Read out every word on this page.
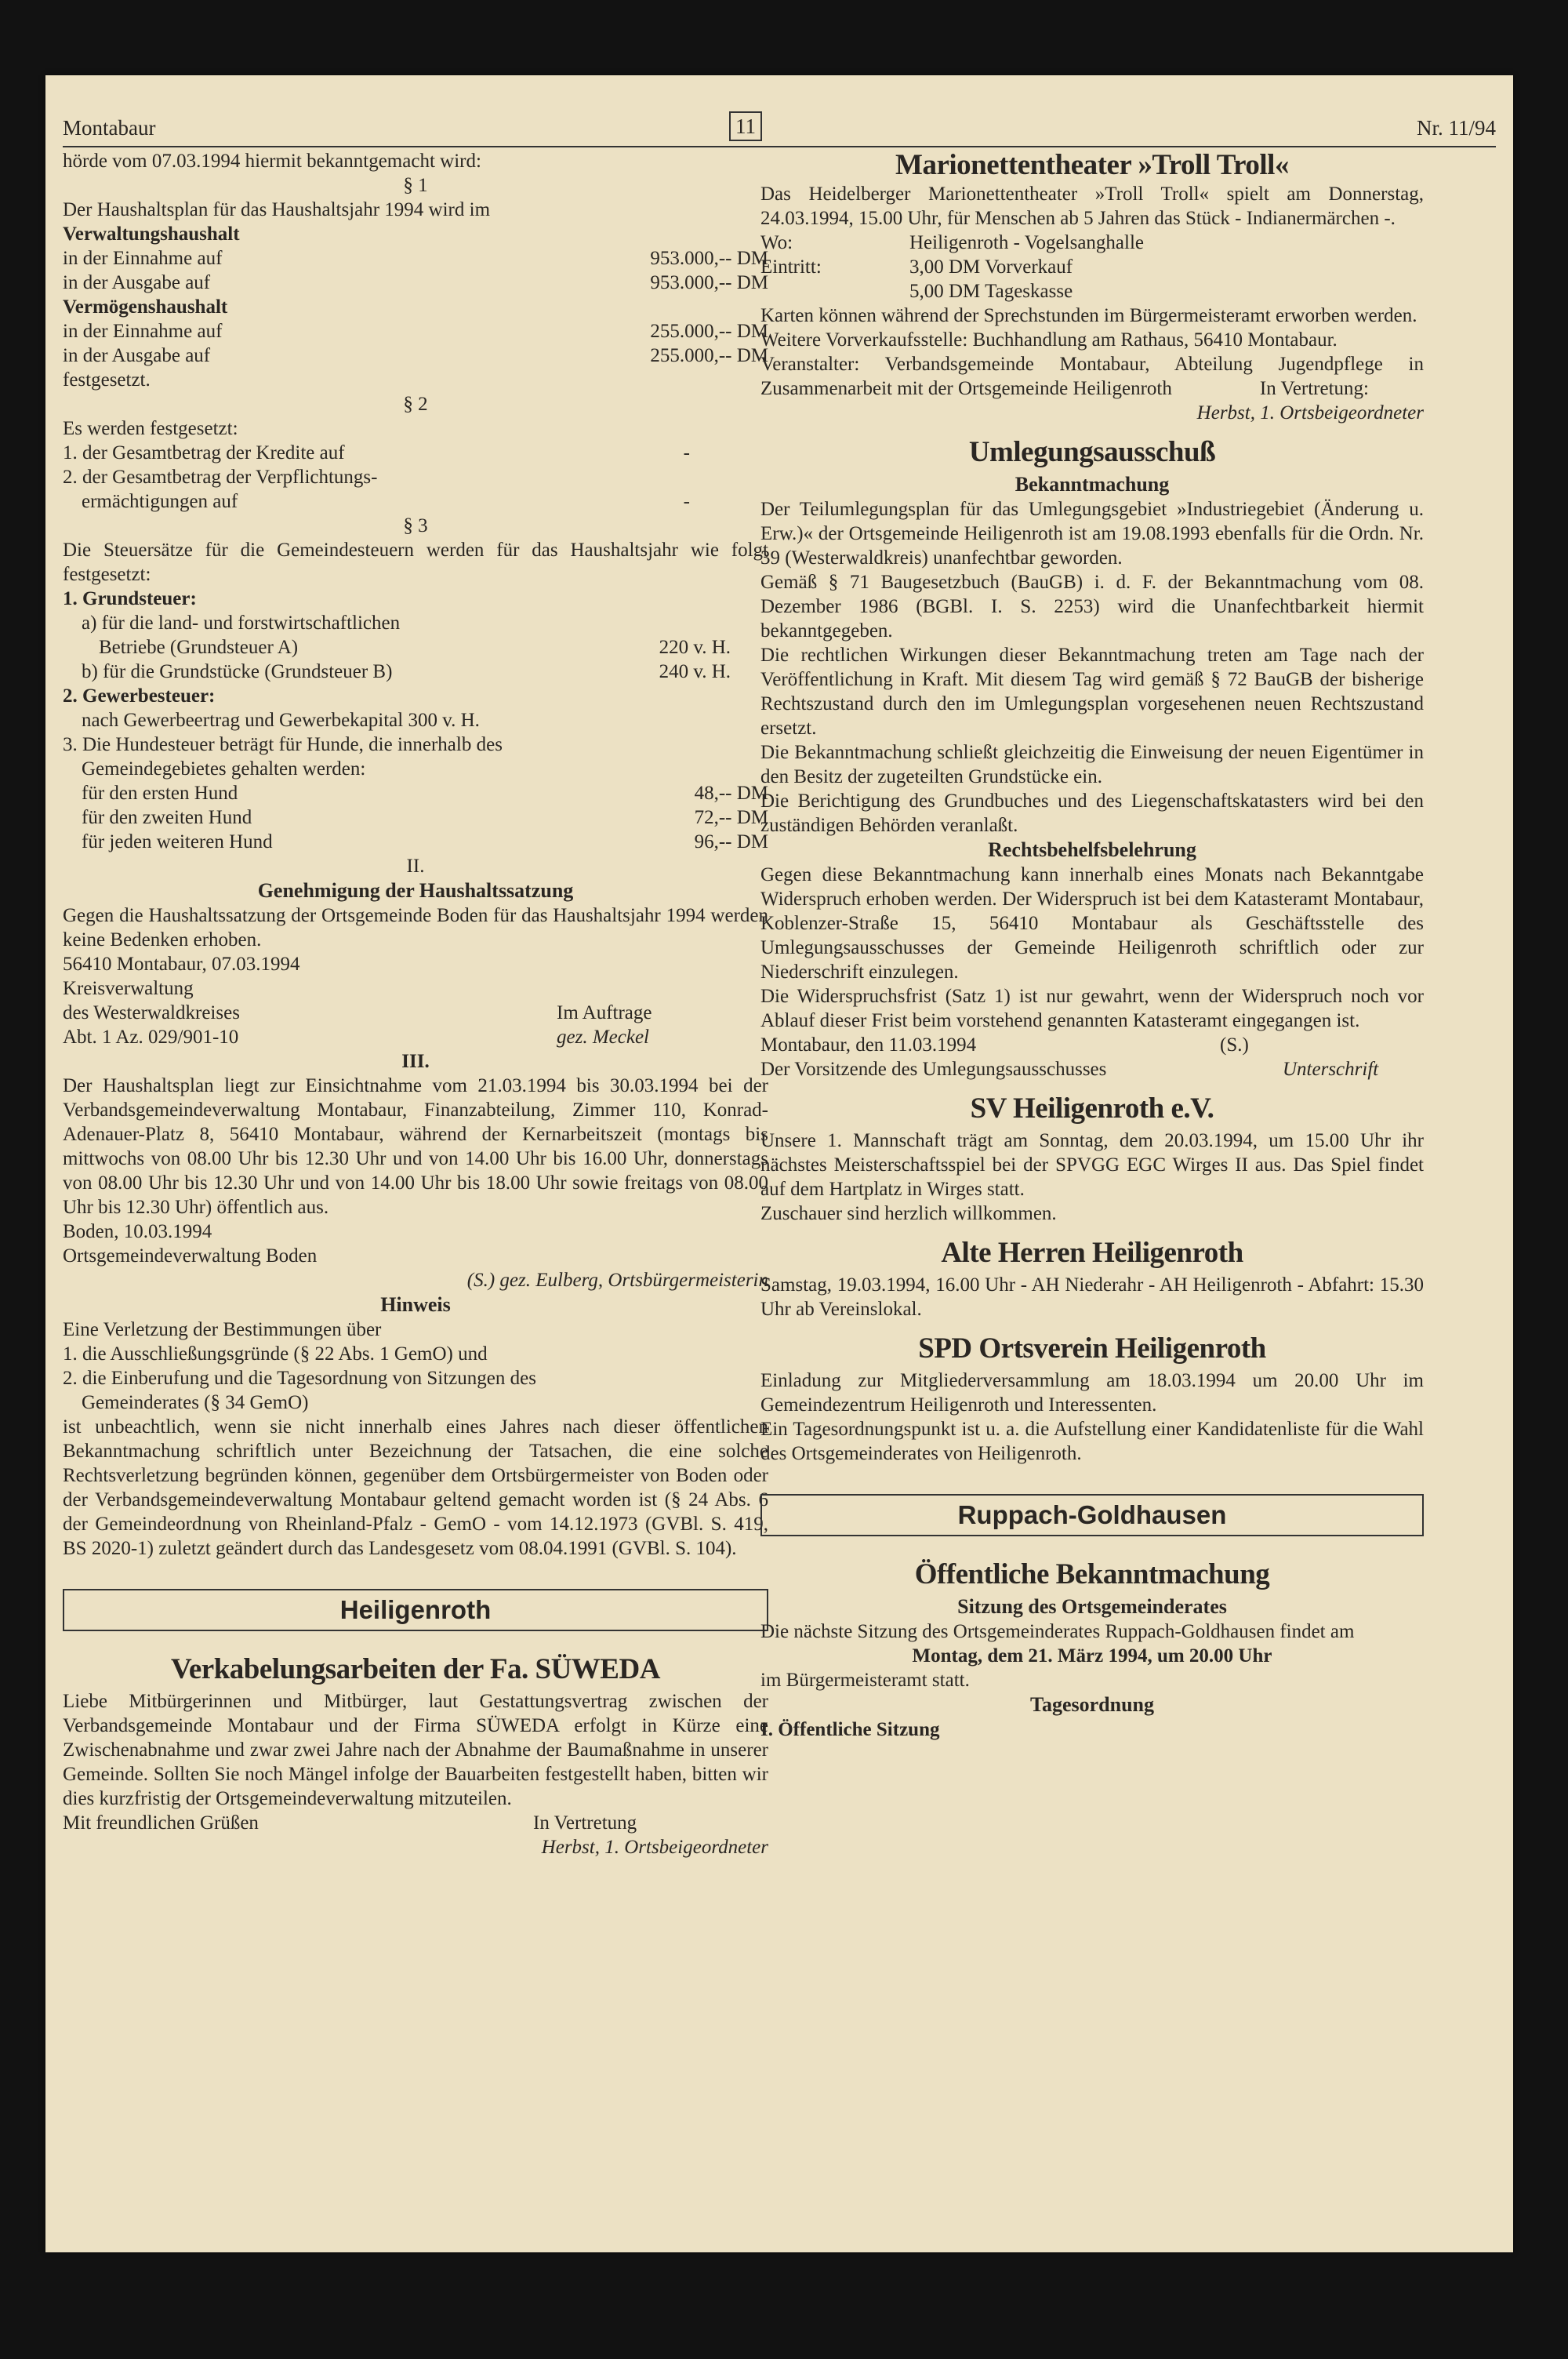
Montabaur	11	Nr. 11/94

hörde vom 07.03.1994 hiermit bekanntgemacht wird:

§ 1

Der Haushaltsplan für das Haushaltsjahr 1994 wird im

Verwaltungshaushalt

in der Einnahme auf	953.000,-- DM
in der Ausgabe auf	953.000,-- DM

Vermögenshaushalt

in der Einnahme auf	255.000,-- DM
in der Ausgabe auf	255.000,-- DM

festgesetzt.

§ 2

Es werden festgesetzt:

1. der Gesamtbetrag der Kredite auf	-

2. der Gesamtbetrag der Verpflichtungs-

ermächtigungen auf	-

§ 3

Die Steuersätze für die Gemeindesteuern werden für das Haushaltsjahr wie folgt festgesetzt:

1. Grundsteuer:

a) für die land- und forstwirtschaftlichen

Betriebe (Grundsteuer A)	220 v. H.
b) für die Grundstücke (Grundsteuer B)	240 v. H.

2. Gewerbesteuer:

nach Gewerbeertrag und Gewerbekapital 300 v. H.

3. Die Hundesteuer beträgt für Hunde, die innerhalb des

Gemeindegebietes gehalten werden:

für den ersten Hund	48,-- DM
für den zweiten Hund	72,-- DM
für jeden weiteren Hund	96,-- DM

II.

Genehmigung der Haushaltssatzung

Gegen die Haushaltssatzung der Ortsgemeinde Boden für das Haushaltsjahr 1994 werden keine Bedenken erhoben.

56410 Montabaur, 07.03.1994

Kreisverwaltung

des Westerwaldkreises	Im Auftrage
Abt. 1 Az. 029/901-10	gez. Meckel

III.

Der Haushaltsplan liegt zur Einsichtnahme vom 21.03.1994 bis 30.03.1994 bei der Verbandsgemeindeverwaltung Montabaur, Finanzabteilung, Zimmer 110, Konrad-Adenauer-Platz 8, 56410 Montabaur, während der Kernarbeitszeit (montags bis mittwochs von 08.00 Uhr bis 12.30 Uhr und von 14.00 Uhr bis 16.00 Uhr, donnerstags von 08.00 Uhr bis 12.30 Uhr und von 14.00 Uhr bis 18.00 Uhr sowie freitags von 08.00 Uhr bis 12.30 Uhr) öffentlich aus.

Boden, 10.03.1994

Ortsgemeindeverwaltung Boden

(S.) gez. Eulberg, Ortsbürgermeisterin

Hinweis

Eine Verletzung der Bestimmungen über

1. die Ausschließungsgründe (§ 22 Abs. 1 GemO) und

2. die Einberufung und die Tagesordnung von Sitzungen des

Gemeinderates (§ 34 GemO)

ist unbeachtlich, wenn sie nicht innerhalb eines Jahres nach dieser öffentlichen Bekanntmachung schriftlich unter Bezeichnung der Tatsachen, die eine solche Rechtsverletzung begründen können, gegenüber dem Ortsbürgermeister von Boden oder der Verbandsgemeindeverwaltung Montabaur geltend gemacht worden ist (§ 24 Abs. 6 der Gemeindeordnung von Rheinland-Pfalz - GemO - vom 14.12.1973 (GVBl. S. 419, BS 2020-1) zuletzt geändert durch das Landesgesetz vom 08.04.1991 (GVBl. S. 104).

Heiligenroth

Verkabelungsarbeiten der Fa. SÜWEDA

Liebe Mitbürgerinnen und Mitbürger, laut Gestattungsvertrag zwischen der Verbandsgemeinde Montabaur und der Firma SÜWEDA erfolgt in Kürze eine Zwischenabnahme und zwar zwei Jahre nach der Abnahme der Baumaßnahme in unserer Gemeinde. Sollten Sie noch Mängel infolge der Bauarbeiten festgestellt haben, bitten wir dies kurzfristig der Ortsgemeindeverwaltung mitzuteilen.

Mit freundlichen Grüßen	In Vertretung

Herbst, 1. Ortsbeigeordneter

Marionettentheater »Troll Troll«

Das Heidelberger Marionettentheater »Troll Troll« spielt am Donnerstag, 24.03.1994, 15.00 Uhr, für Menschen ab 5 Jahren das Stück - Indianermärchen -.

Wo:	Heiligenroth - Vogelsanghalle
Eintritt:	3,00 DM Vorverkauf

5,00 DM Tageskasse

Karten können während der Sprechstunden im Bürgermeisteramt erworben werden.

Weitere Vorverkaufsstelle: Buchhandlung am Rathaus, 56410 Montabaur.

Veranstalter: Verbandsgemeinde Montabaur, Abteilung Jugendpflege in Zusammenarbeit mit der Ortsgemeinde Heiligenroth	In Vertretung:

Herbst, 1. Ortsbeigeordneter

Umlegungsausschuß

Bekanntmachung

Der Teilumlegungsplan für das Umlegungsgebiet »Industriegebiet (Änderung u. Erw.)« der Ortsgemeinde Heiligenroth ist am 19.08.1993 ebenfalls für die Ordn. Nr. 39 (Westerwaldkreis) unanfechtbar geworden.

Gemäß § 71 Baugesetzbuch (BauGB) i. d. F. der Bekanntmachung vom 08. Dezember 1986 (BGBl. I. S. 2253) wird die Unanfechtbarkeit hiermit bekanntgegeben.

Die rechtlichen Wirkungen dieser Bekanntmachung treten am Tage nach der Veröffentlichung in Kraft. Mit diesem Tag wird gemäß § 72 BauGB der bisherige Rechtszustand durch den im Umlegungsplan vorgesehenen neuen Rechtszustand ersetzt.

Die Bekanntmachung schließt gleichzeitig die Einweisung der neuen Eigentümer in den Besitz der zugeteilten Grundstücke ein.

Die Berichtigung des Grundbuches und des Liegenschaftskatasters wird bei den zuständigen Behörden veranlaßt.

Rechtsbehelfsbelehrung

Gegen diese Bekanntmachung kann innerhalb eines Monats nach Bekanntgabe Widerspruch erhoben werden. Der Widerspruch ist bei dem Katasteramt Montabaur, Koblenzer-Straße 15, 56410 Montabaur als Geschäftsstelle des Umlegungsausschusses der Gemeinde Heiligenroth schriftlich oder zur Niederschrift einzulegen.

Die Widerspruchsfrist (Satz 1) ist nur gewahrt, wenn der Widerspruch noch vor Ablauf dieser Frist beim vorstehend genannten Katasteramt eingegangen ist.

Montabaur, den 11.03.1994	(S.)
Der Vorsitzende des Umlegungsausschusses	Unterschrift

SV Heiligenroth e.V.

Unsere 1. Mannschaft trägt am Sonntag, dem 20.03.1994, um 15.00 Uhr ihr nächstes Meisterschaftsspiel bei der SPVGG EGC Wirges II aus. Das Spiel findet auf dem Hartplatz in Wirges statt.

Zuschauer sind herzlich willkommen.

Alte Herren Heiligenroth

Samstag, 19.03.1994, 16.00 Uhr - AH Niederahr - AH Heiligenroth - Abfahrt: 15.30 Uhr ab Vereinslokal.

SPD Ortsverein Heiligenroth

Einladung zur Mitgliederversammlung am 18.03.1994 um 20.00 Uhr im Gemeindezentrum Heiligenroth und Interessenten.

Ein Tagesordnungspunkt ist u. a. die Aufstellung einer Kandidatenliste für die Wahl des Ortsgemeinderates von Heiligenroth.

Ruppach-Goldhausen

Öffentliche Bekanntmachung

Sitzung des Ortsgemeinderates

Die nächste Sitzung des Ortsgemeinderates Ruppach-Goldhausen findet am

Montag, dem 21. März 1994, um 20.00 Uhr

im Bürgermeisteramt statt.

Tagesordnung

I. Öffentliche Sitzung
